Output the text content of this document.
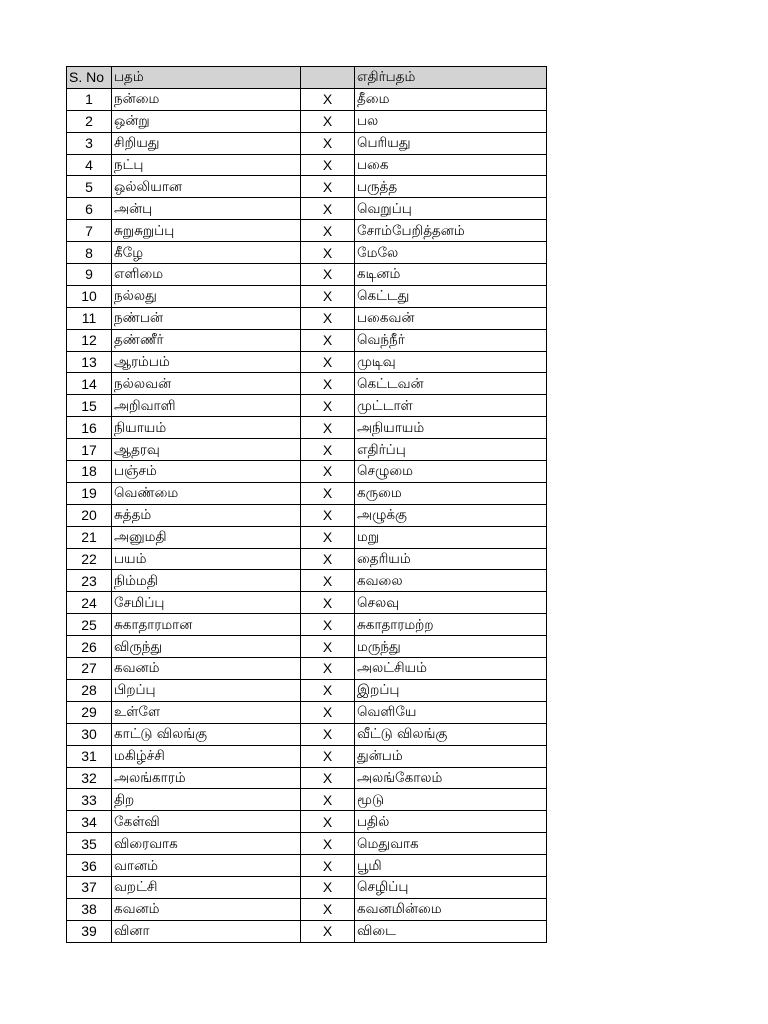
S. No	பதம்		எதிர்பதம்
1	நன்மை	X	தீமை
2	ஒன்று	X	பல
3	சிறியது	X	பெரியது
4	நட்பு	X	பகை
5	ஒல்லியான	X	பருத்த
6	அன்பு	X	வெறுப்பு
7	சுறுசுறுப்பு	X	சோம்பேறித்தனம்
8	கீழே	X	மேலே
9	எளிமை	X	கடினம்
10	நல்லது	X	கெட்டது
11	நண்பன்	X	பகைவன்
12	தண்ணீர்	X	வெந்நீர்
13	ஆரம்பம்	X	முடிவு
14	நல்லவன்	X	கெட்டவன்
15	அறிவாளி	X	முட்டாள்
16	நியாயம்	X	அநியாயம்
17	ஆதரவு	X	எதிர்ப்பு
18	பஞ்சம்	X	செழுமை
19	வெண்மை	X	கருமை
20	சுத்தம்	X	அழுக்கு
21	அனுமதி	X	மறு
22	பயம்	X	தைரியம்
23	நிம்மதி	X	கவலை
24	சேமிப்பு	X	செலவு
25	சுகாதாரமான	X	சுகாதாரமற்ற
26	விருந்து	X	மருந்து
27	கவனம்	X	அலட்சியம்
28	பிறப்பு	X	இறப்பு
29	உள்ளே	X	வெளியே
30	காட்டு விலங்கு	X	வீட்டு விலங்கு
31	மகிழ்ச்சி	X	துன்பம்
32	அலங்காரம்	X	அலங்கோலம்
33	திற	X	மூடு
34	கேள்வி	X	பதில்
35	விரைவாக	X	மெதுவாக
36	வானம்	X	பூமி
37	வறட்சி	X	செழிப்பு
38	கவனம்	X	கவனமின்மை
39	வினா	X	விடை
